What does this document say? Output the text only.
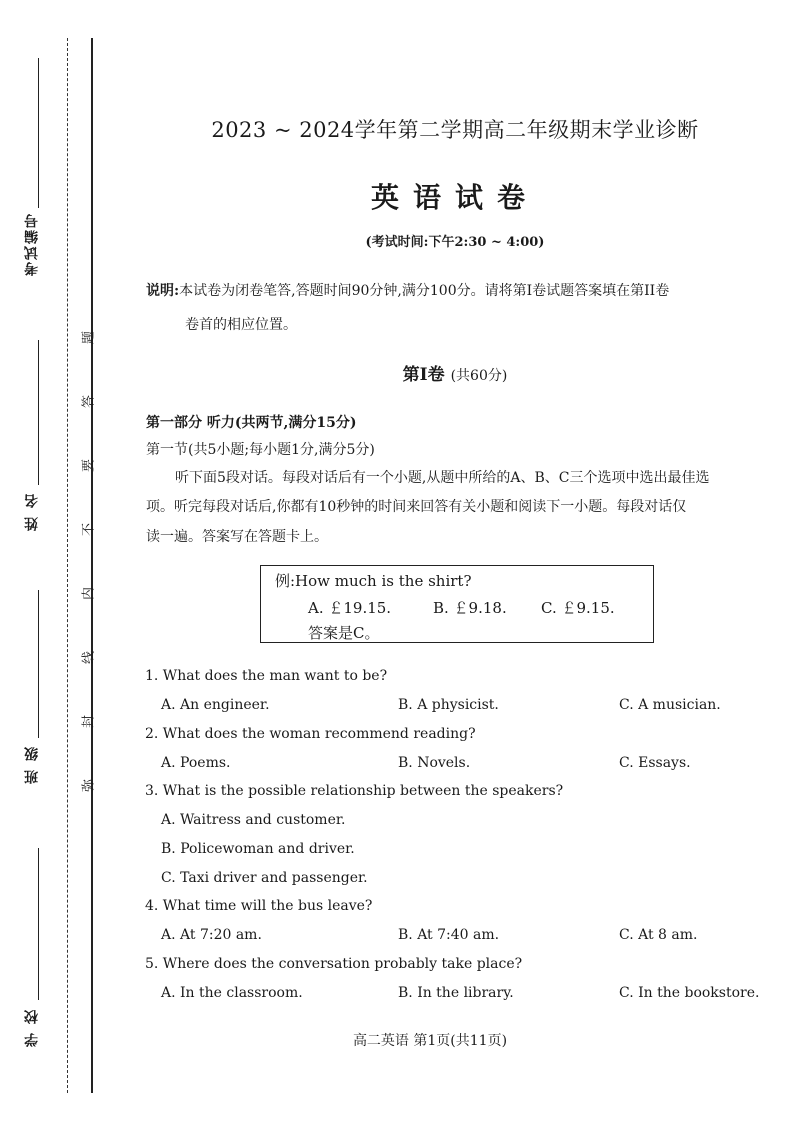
考试编号
姓 名
班 级
学 校
题
答
要
不
内
线
封
弥
2023 ~ 2024学年第二学期高二年级期末学业诊断
英语试卷
(考试时间:下午2:30 ~ 4:00)
说明:本试卷为闭卷笔答,答题时间90分钟,满分100分。请将第I卷试题答案填在第II卷
卷首的相应位置。
第I卷 (共60分)
第一部分 听力(共两节,满分15分)
第一节(共5小题;每小题1分,满分5分)
听下面5段对话。每段对话后有一个小题,从题中所给的A、B、C三个选项中选出最佳选
项。听完每段对话后,你都有10秒钟的时间来回答有关小题和阅读下一小题。每段对话仅
读一遍。答案写在答题卡上。
例:How much is the shirt?
A. ￡19.15.	B. ￡9.18. C. ￡9.15.
答案是C。
1. What does the man want to be?
A. An engineer.	B. A physicist.	C. A musician.
2. What does the woman recommend reading?
A. Poems.	B. Novels.	C. Essays.
3. What is the possible relationship between the speakers?
A. Waitress and customer.
B. Policewoman and driver.
C. Taxi driver and passenger.
4. What time will the bus leave?
A. At 7:20 am.	B. At 7:40 am.	C. At 8 am.
5. Where does the conversation probably take place?
A. In the classroom.	B. In the library.	C. In the bookstore.
高二英语 第1页(共11页)
